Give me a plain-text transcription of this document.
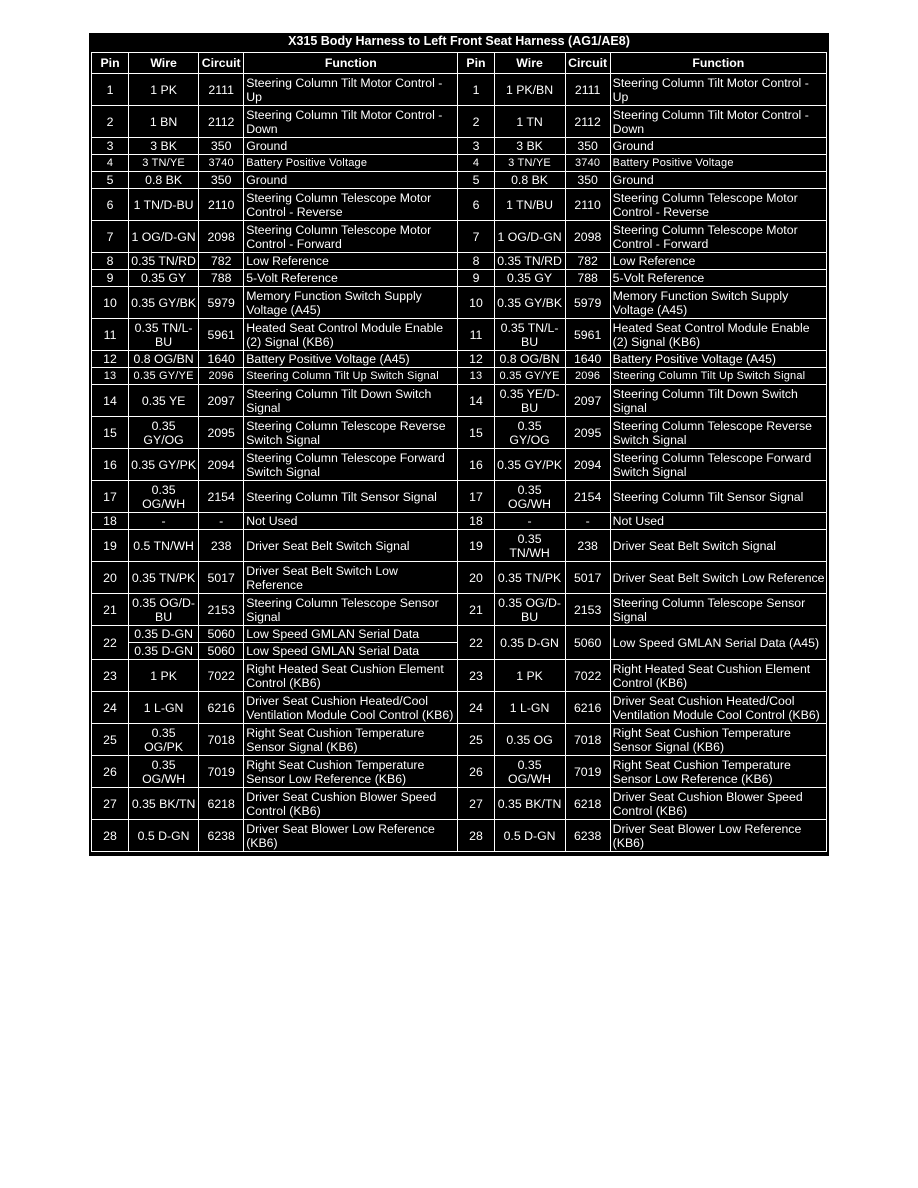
X315 Body Harness to Left Front Seat Harness (AG1/AE8)
Pin	Wire	Circuit	Function	Pin	Wire	Circuit	Function
1	1 PK	2111	Steering Column Tilt Motor Control - Up	1	1 PK/BN	2111	Steering Column Tilt Motor Control - Up
2	1 BN	2112	Steering Column Tilt Motor Control - Down	2	1 TN	2112	Steering Column Tilt Motor Control - Down
3	3 BK	350	Ground	3	3 BK	350	Ground
4	3 TN/YE	3740	Battery Positive Voltage	4	3 TN/YE	3740	Battery Positive Voltage
5	0.8 BK	350	Ground	5	0.8 BK	350	Ground
6	1 TN/D-BU	2110	Steering Column Telescope Motor Control - Reverse	6	1 TN/BU	2110	Steering Column Telescope Motor Control - Reverse
7	1 OG/D-GN	2098	Steering Column Telescope Motor Control - Forward	7	1 OG/D-GN	2098	Steering Column Telescope Motor Control - Forward
8	0.35 TN/RD	782	Low Reference	8	0.35 TN/RD	782	Low Reference
9	0.35 GY	788	5-Volt Reference	9	0.35 GY	788	5-Volt Reference
10	0.35 GY/BK	5979	Memory Function Switch Supply Voltage (A45)	10	0.35 GY/BK	5979	Memory Function Switch Supply Voltage (A45)
11	0.35 TN/L-BU	5961	Heated Seat Control Module Enable (2) Signal (KB6)	11	0.35 TN/L-BU	5961	Heated Seat Control Module Enable (2) Signal (KB6)
12	0.8 OG/BN	1640	Battery Positive Voltage (A45)	12	0.8 OG/BN	1640	Battery Positive Voltage (A45)
13	0.35 GY/YE	2096	Steering Column Tilt Up Switch Signal	13	0.35 GY/YE	2096	Steering Column Tilt Up Switch Signal
14	0.35 YE	2097	Steering Column Tilt Down Switch Signal	14	0.35 YE/D-BU	2097	Steering Column Tilt Down Switch Signal
15	0.35 GY/OG	2095	Steering Column Telescope Reverse Switch Signal	15	0.35 GY/OG	2095	Steering Column Telescope Reverse Switch Signal
16	0.35 GY/PK	2094	Steering Column Telescope Forward Switch Signal	16	0.35 GY/PK	2094	Steering Column Telescope Forward Switch Signal
17	0.35 OG/WH	2154	Steering Column Tilt Sensor Signal	17	0.35 OG/WH	2154	Steering Column Tilt Sensor Signal
18	-	-	Not Used	18	-	-	Not Used
19	0.5 TN/WH	238	Driver Seat Belt Switch Signal	19	0.35 TN/WH	238	Driver Seat Belt Switch Signal
20	0.35 TN/PK	5017	Driver Seat Belt Switch Low Reference	20	0.35 TN/PK	5017	Driver Seat Belt Switch Low Reference
21	0.35 OG/D-BU	2153	Steering Column Telescope Sensor Signal	21	0.35 OG/D-BU	2153	Steering Column Telescope Sensor Signal
22	0.35 D-GN	5060	Low Speed GMLAN Serial Data	22	0.35 D-GN	5060	Low Speed GMLAN Serial Data (A45)
	0.35 D-GN	5060	Low Speed GMLAN Serial Data				
23	1 PK	7022	Right Heated Seat Cushion Element Control (KB6)	23	1 PK	7022	Right Heated Seat Cushion Element Control (KB6)
24	1 L-GN	6216	Driver Seat Cushion Heated/Cool Ventilation Module Cool Control (KB6)	24	1 L-GN	6216	Driver Seat Cushion Heated/Cool Ventilation Module Cool Control (KB6)
25	0.35 OG/PK	7018	Right Seat Cushion Temperature Sensor Signal (KB6)	25	0.35 OG	7018	Right Seat Cushion Temperature Sensor Signal (KB6)
26	0.35 OG/WH	7019	Right Seat Cushion Temperature Sensor Low Reference (KB6)	26	0.35 OG/WH	7019	Right Seat Cushion Temperature Sensor Low Reference (KB6)
27	0.35 BK/TN	6218	Driver Seat Cushion Blower Speed Control (KB6)	27	0.35 BK/TN	6218	Driver Seat Cushion Blower Speed Control (KB6)
28	0.5 D-GN	6238	Driver Seat Blower Low Reference (KB6)	28	0.5 D-GN	6238	Driver Seat Blower Low Reference (KB6)
